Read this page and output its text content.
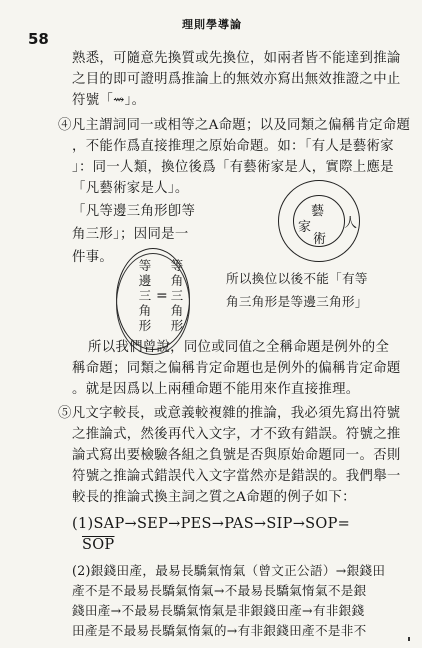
理則學導論
58
熟悉，可隨意先換質或先換位，如兩者皆不能達到推論
之目的即可證明爲推論上的無效亦寫出無效推證之中止
符號「⇝」。
④凡主謂詞同一或相等之A命題；以及同類之偏稱肯定命題
，不能作爲直接推理之原始命題。如：「有人是藝術家
」：同一人類，換位後爲「有藝術家是人，實際上應是
「凡藝術家是人」。
「凡等邊三角形卽等
角三形」；因同是一
件事。
藝
家
術
人
等邊三角形
等角三角形
=
所以換位以後不能「有等
角三角形是等邊三角形」
所以我們曾說，同位或同值之全稱命題是例外的全
稱命題；同類之偏稱肯定命題也是例外的偏稱肯定命題
。就是因爲以上兩種命題不能用來作直接推理。
⑤凡文字較長，或意義較複雜的推論，我必須先寫出符號
之推論式，然後再代入文字，才不致有錯誤。符號之推
論式寫出要檢驗各組之負號是否與原始命題同一。否則
符號之推論式錯誤代入文字當然亦是錯誤的。我們舉一
較長的推論式換主詞之質之A命題的例子如下：
(1)SAP→SEP→PES→PAS→SIP→SOP=
$\overline{SOP}$
(2)銀錢田產，最易長驕氣惰氣（曾文正公語）→銀錢田
產不是不最易長驕氣惰氣→不最易長驕氣惰氣不是銀
錢田產→不最易長驕氣惰氣是非銀錢田產→有非銀錢
田產是不最易長驕氣惰氣的→有非銀錢田產不是非不
